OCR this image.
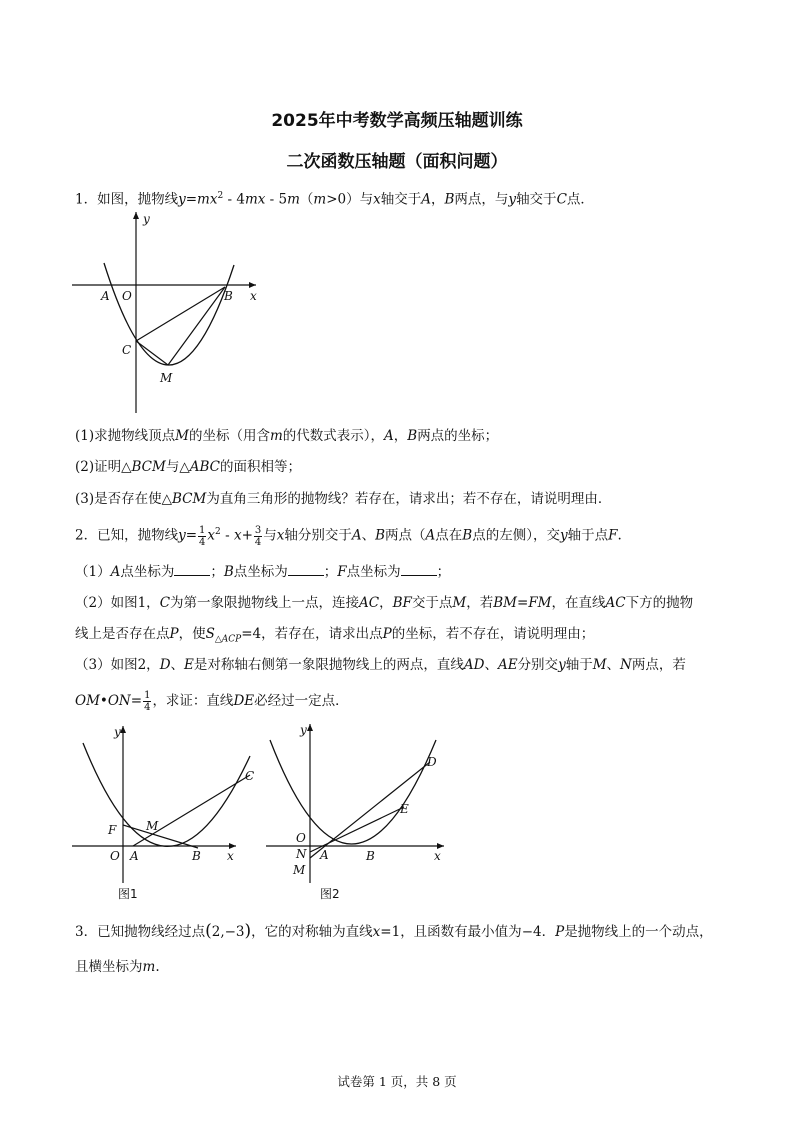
2025年中考数学高频压轴题训练
二次函数压轴题（面积问题）
1．如图，抛物线$y=mx^2 - 4mx - 5m(m>0)$与x轴交于A，B两点，与y轴交于C点．
y
x
A O	B
C
M
(1)求抛物线顶点M的坐标（用含m的代数式表示），A，B两点的坐标；
(2)证明△BCM与△ABC的面积相等；
(3)是否存在使△BCM为直角三角形的抛物线？若存在，请求出；若不存在，请说明理由．
2．已知，抛物线$y= \frac{1}{4} x^2 - x+ \frac{3}{4}$ 与x轴分别交于A、B两点（A点在B点的左侧），交y轴于点F.
（1）A点坐标为	；B点坐标为	；F点坐标为	；
（2）如图1，C为第一象限抛物线上一点，连接AC，BF交于点M，若BM=FM，在直线AC下方的抛物
线上是否存在点P，使$S_{\triangle ACP}=4$，若存在，请求出点P的坐标，若不存在，请说明理由；
（3）如图2，D、E是对称轴右侧第一象限抛物线上的两点，直线AD、AE分别交y轴于M、N两点，若
OM•ON= $\frac{1}{4}$ ，求证：直线DE必经过一定点．
y
x
F M
O A	B
C
图1
y
x
O
N
M
A	B
D
E
图2
3．已知抛物线经过点(2,−3)，它的对称轴为直线x=1，且函数有最小值为−4．P是抛物线上的一个动点，
且横坐标为m.
试卷第 1 页，共 8 页
